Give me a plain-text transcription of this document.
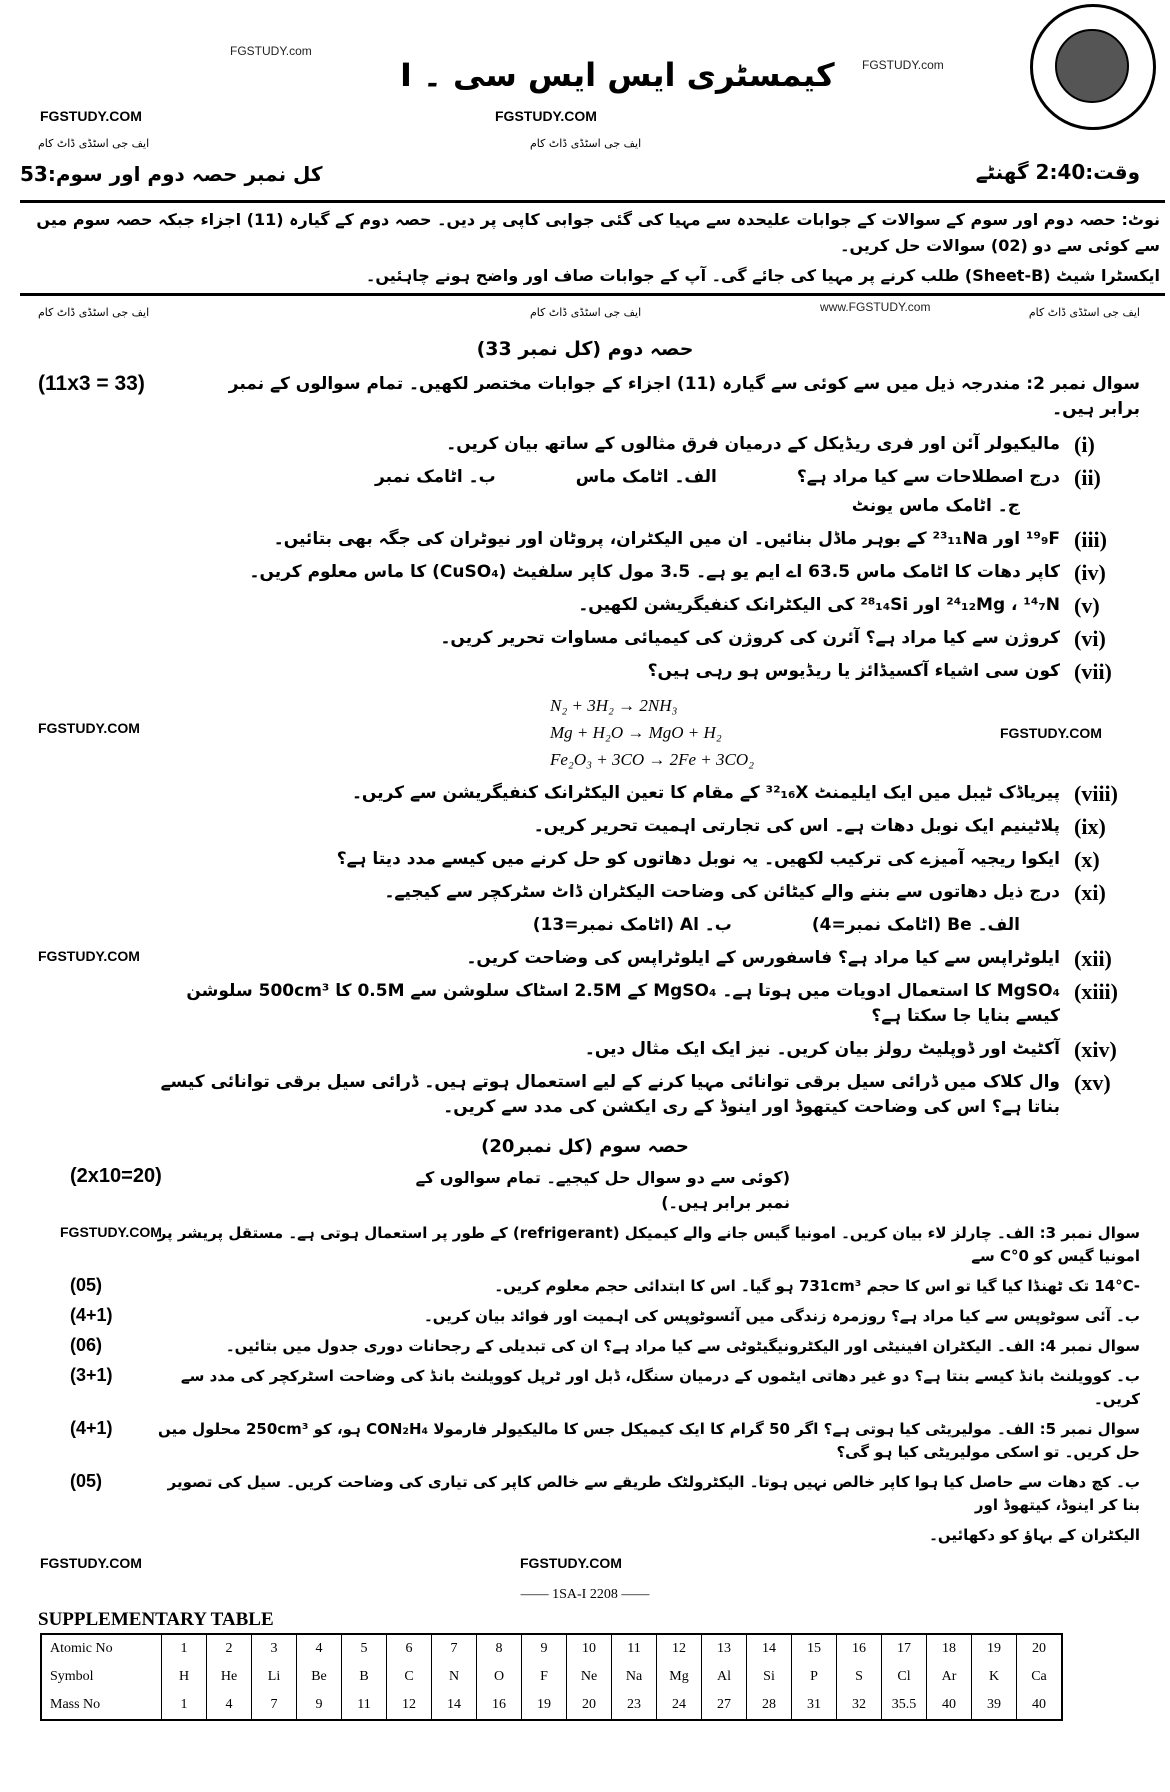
FGSTUDY.com
FGSTUDY.com
کیمسٹری ایس ایس سی ۔ I
FGSTUDY.COM	FGSTUDY.COM
ایف جی اسٹڈی ڈاٹ کام	ایف جی اسٹڈی ڈاٹ کام
وقت:2:40 گھنٹے
کل نمبر حصہ دوم اور سوم:53
نوٹ: حصہ دوم اور سوم کے سوالات کے جوابات علیحدہ سے مہیا کی گئی جوابی کاپی پر دیں۔ حصہ دوم کے گیارہ (11) اجزاء جبکہ حصہ سوم میں سے کوئی سے دو (02) سوالات حل کریں۔
ایکسٹرا شیٹ (Sheet-B) طلب کرنے پر مہیا کی جائے گی۔ آپ کے جوابات صاف اور واضح ہونے چاہئیں۔
ایف جی اسٹڈی ڈاٹ کام	ایف جی اسٹڈی ڈاٹ کام	www.FGSTUDY.com	ایف جی اسٹڈی ڈاٹ کام
حصہ دوم (کل نمبر 33)
(11x3 = 33)	سوال نمبر 2: مندرجہ ذیل میں سے کوئی سے گیارہ (11) اجزاء کے جوابات مختصر لکھیں۔ تمام سوالوں کے نمبر برابر ہیں۔
مالیکیولر آئن اور فری ریڈیکل کے درمیان فرق مثالوں کے ساتھ بیان کریں۔ (i)
درج اصطلاحات سے کیا مراد ہے؟
الف۔ اٹامک ماس
ب۔ اٹامک نمبر
ج۔ اٹامک ماس یونٹ
(ii)
¹⁹₉F اور ²³₁₁Na کے بوہر ماڈل بنائیں۔ ان میں الیکٹران، پروٹان اور نیوٹران کی جگہ بھی بتائیں۔ (iii)
کاپر دھات کا اٹامک ماس 63.5 اے ایم یو ہے۔ 3.5 مول کاپر سلفیٹ (CuSO₄) کا ماس معلوم کریں۔ (iv)
²⁴₁₂Mg ، ¹⁴₇N اور ²⁸₁₄Si کی الیکٹرانک کنفیگریشن لکھیں۔ (v)
کروژن سے کیا مراد ہے؟ آئرن کی کروژن کی کیمیائی مساوات تحریر کریں۔ (vi)
کون سی اشیاء آکسیڈائز یا ریڈیوس ہو رہی ہیں؟ (vii)
FGSTUDY.COM
N₂ + 3H₂ → 2NH₃
Mg + H₂O → MgO + H₂
Fe₂O₃ + 3CO → 2Fe + 3CO₂
FGSTUDY.COM
پیریاڈک ٹیبل میں ایک ایلیمنٹ ³²₁₆X کے مقام کا تعین الیکٹرانک کنفیگریشن سے کریں۔ (viii)
پلاٹینیم ایک نوبل دھات ہے۔ اس کی تجارتی اہمیت تحریر کریں۔ (ix)
ایکوا ریجیہ آمیزے کی ترکیب لکھیں۔ یہ نوبل دھاتوں کو حل کرنے میں کیسے مدد دیتا ہے؟ (x)
درج ذیل دھاتوں سے بننے والے کیٹائن کی وضاحت الیکٹران ڈاٹ سٹرکچر سے کیجیے۔
الف۔ Be (اٹامک نمبر=4)
ب۔ Al (اٹامک نمبر=13)
(xi)
FGSTUDY.COM	ایلوٹراپس سے کیا مراد ہے؟ فاسفورس کے ایلوٹراپس کی وضاحت کریں۔ (xii)
MgSO₄ کا استعمال ادویات میں ہوتا ہے۔ MgSO₄ کے 2.5M اسٹاک سلوشن سے 0.5M کا 500cm³ سلوشن کیسے بنایا جا سکتا ہے؟
(xiii)
آکٹیٹ اور ڈوپلیٹ رولز بیان کریں۔ نیز ایک ایک مثال دیں۔ (xiv)
وال کلاک میں ڈرائی سیل برقی توانائی مہیا کرنے کے لیے استعمال ہوتے ہیں۔ ڈرائی سیل برقی توانائی کیسے بناتا ہے؟ اس کی وضاحت کیتھوڈ اور اینوڈ کے ری ایکشن کی مدد سے کریں۔
(xv)
حصہ سوم (کل نمبر20)
(2x10=20)	(کوئی سے دو سوال حل کیجیے۔ تمام سوالوں کے نمبر برابر ہیں۔)
FGSTUDY.COM
سوال نمبر 3: الف۔ چارلز لاء بیان کریں۔ امونیا گیس جانے والے کیمیکل (refrigerant) کے طور پر استعمال ہوتی ہے۔ مستقل پریشر پر امونیا گیس کو 0°C سے
(05)	-14°C تک ٹھنڈا کیا گیا تو اس کا حجم 731cm³ ہو گیا۔ اس کا ابتدائی حجم معلوم کریں۔
(4+1)	ب۔ آئی سوٹوپس سے کیا مراد ہے؟ روزمرہ زندگی میں آئسوٹوپس کی اہمیت اور فوائد بیان کریں۔
(06)	سوال نمبر 4: الف۔ الیکٹران افینیٹی اور الیکٹرونیگیٹوٹی سے کیا مراد ہے؟ ان کی تبدیلی کے رجحانات دوری جدول میں بتائیں۔
(3+1)	ب۔ کوویلنٹ بانڈ کیسے بنتا ہے؟ دو غیر دھاتی ایٹموں کے درمیان سنگل، ڈبل اور ٹرپل کوویلنٹ بانڈ کی وضاحت اسٹرکچر کی مدد سے کریں۔
(4+1)	سوال نمبر 5: الف۔ مولیریٹی کیا ہوتی ہے؟ اگر 50 گرام کا ایک کیمیکل جس کا مالیکیولر فارمولا CON₂H₄ ہو، کو 250cm³ محلول میں حل کریں۔ تو اسکی مولیریٹی کیا ہو گی؟
(05)	ب۔ کچ دھات سے حاصل کیا ہوا کاپر خالص نہیں ہوتا۔ الیکٹرولٹک طریقے سے خالص کاپر کی تیاری کی وضاحت کریں۔ سیل کی تصویر بنا کر اینوڈ، کیتھوڈ اور
الیکٹران کے بہاؤ کو دکھائیں۔
FGSTUDY.COM	FGSTUDY.COM
—— 1SA-I 2208 ——
SUPPLEMENTARY TABLE
Atomic No	1	2	3	4	5	6	7	8	9	10	11	12	13	14	15	16	17	18	19	20
Symbol	H	He	Li	Be	B	C	N	O	F	Ne	Na	Mg	Al	Si	P	S	Cl	Ar	K	Ca
Mass No	1	4	7	9	11	12	14	16	19	20	23	24	27	28	31	32	35.5	40	39	40
